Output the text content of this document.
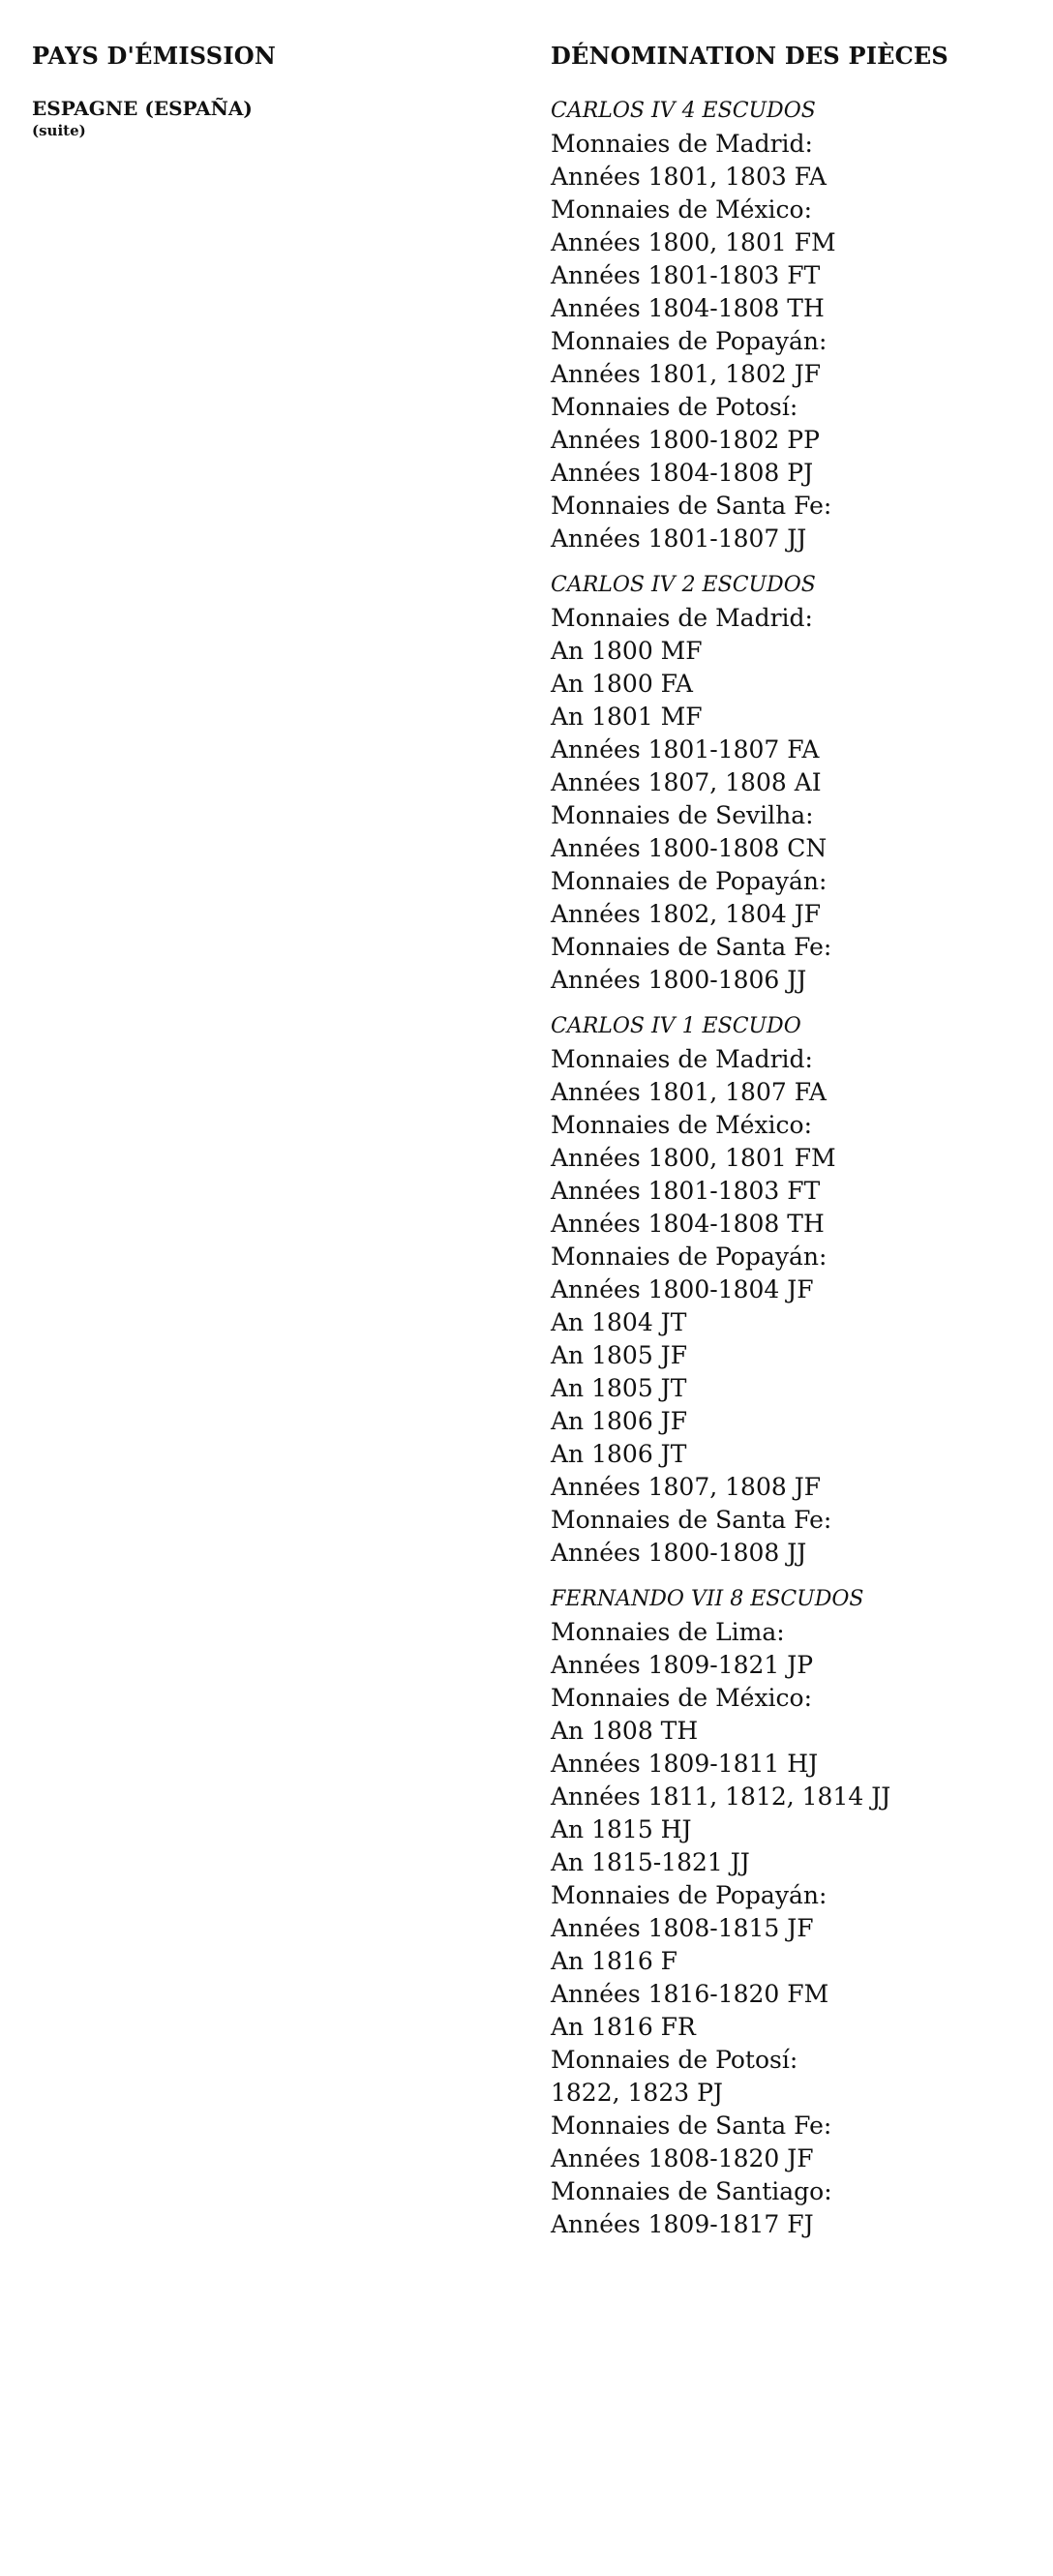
PAYS D'ÉMISSION
ESPAGNE (ESPAÑA)
(suite)
DÉNOMINATION DES PIÈCES
CARLOS IV 4 ESCUDOS
Monnaies de Madrid:
Années 1801, 1803 FA
Monnaies de México:
Années 1800, 1801 FM
Années 1801-1803 FT
Années 1804-1808 TH
Monnaies de Popayán:
Années 1801, 1802 JF
Monnaies de Potosí:
Années 1800-1802 PP
Années 1804-1808 PJ
Monnaies de Santa Fe:
Années 1801-1807 JJ
CARLOS IV 2 ESCUDOS
Monnaies de Madrid:
An 1800 MF
An 1800 FA
An 1801 MF
Années 1801-1807 FA
Années 1807, 1808 AI
Monnaies de Sevilha:
Années 1800-1808 CN
Monnaies de Popayán:
Années 1802, 1804 JF
Monnaies de Santa Fe:
Années 1800-1806 JJ
CARLOS IV 1 ESCUDO
Monnaies de Madrid:
Années 1801, 1807 FA
Monnaies de México:
Années 1800, 1801 FM
Années 1801-1803 FT
Années 1804-1808 TH
Monnaies de Popayán:
Années 1800-1804 JF
An 1804 JT
An 1805 JF
An 1805 JT
An 1806 JF
An 1806 JT
Années 1807, 1808 JF
Monnaies de Santa Fe:
Années 1800-1808 JJ
FERNANDO VII 8 ESCUDOS
Monnaies de Lima:
Années 1809-1821 JP
Monnaies de México:
An 1808 TH
Années 1809-1811 HJ
Années 1811, 1812, 1814 JJ
An 1815 HJ
An 1815-1821 JJ
Monnaies de Popayán:
Années 1808-1815 JF
An 1816 F
Années 1816-1820 FM
An 1816 FR
Monnaies de Potosí:
1822, 1823 PJ
Monnaies de Santa Fe:
Années 1808-1820 JF
Monnaies de Santiago:
Années 1809-1817 FJ
